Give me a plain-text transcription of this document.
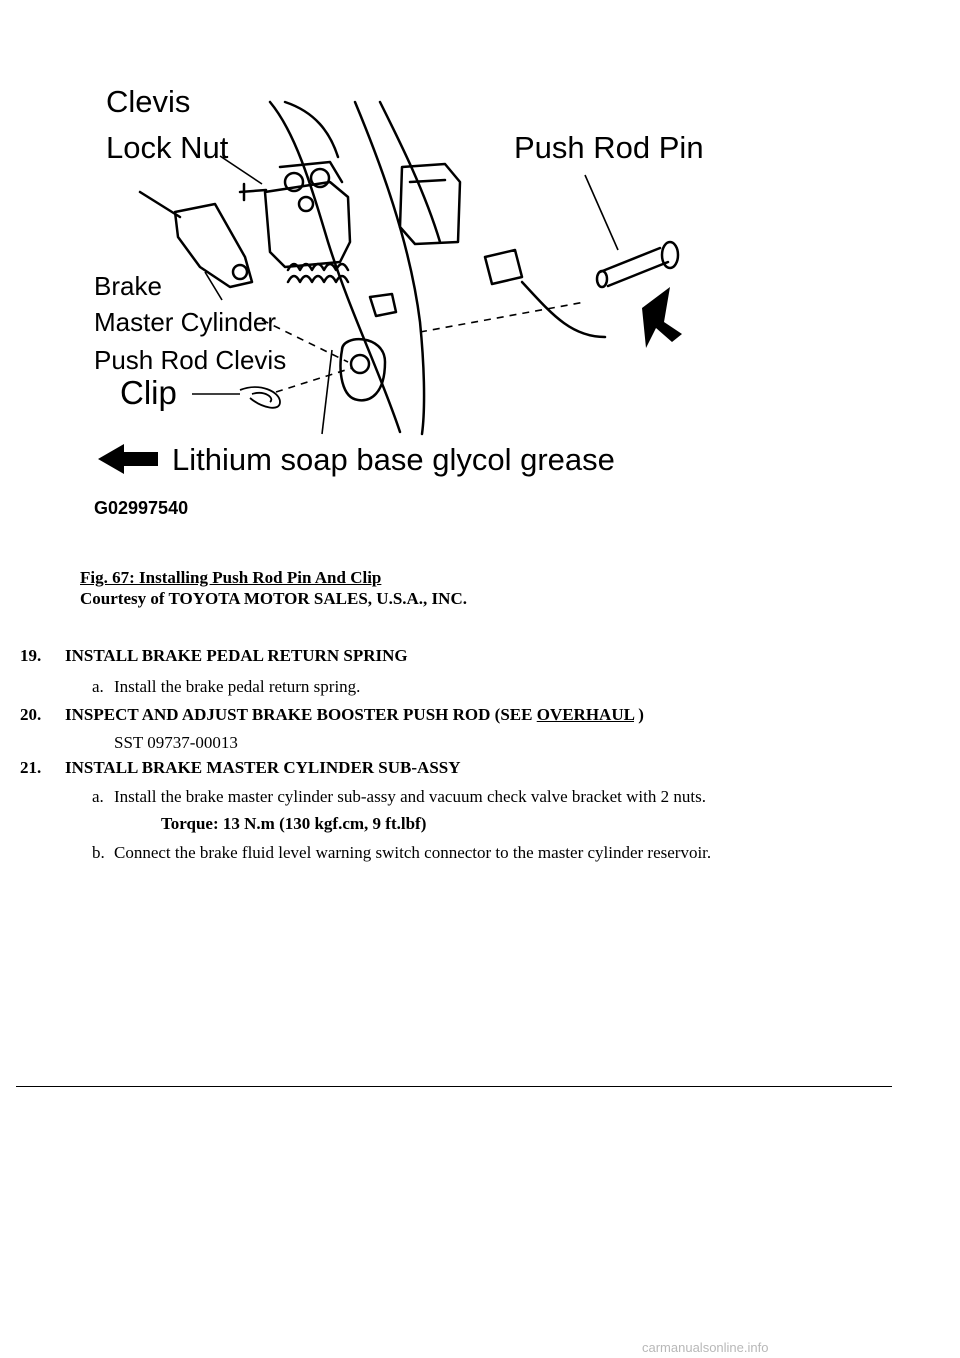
Clevis
Lock Nut	Push Rod Pin
Brake
Master Cylinder
Push Rod Clevis
Clip
Lithium soap base glycol grease
G02997540
Fig. 67: Installing Push Rod Pin And Clip
Courtesy of TOYOTA MOTOR SALES, U.S.A., INC.
19. INSTALL BRAKE PEDAL RETURN SPRING
a. Install the brake pedal return spring.
20. INSPECT AND ADJUST BRAKE BOOSTER PUSH ROD (SEE OVERHAUL )
SST 09737-00013
21. INSTALL BRAKE MASTER CYLINDER SUB-ASSY
a. Install the brake master cylinder sub-assy and vacuum check valve bracket with 2 nuts.
Torque: 13 N.m (130 kgf.cm, 9 ft.lbf)
b. Connect the brake fluid level warning switch connector to the master cylinder reservoir.
carmanualsonline.info
